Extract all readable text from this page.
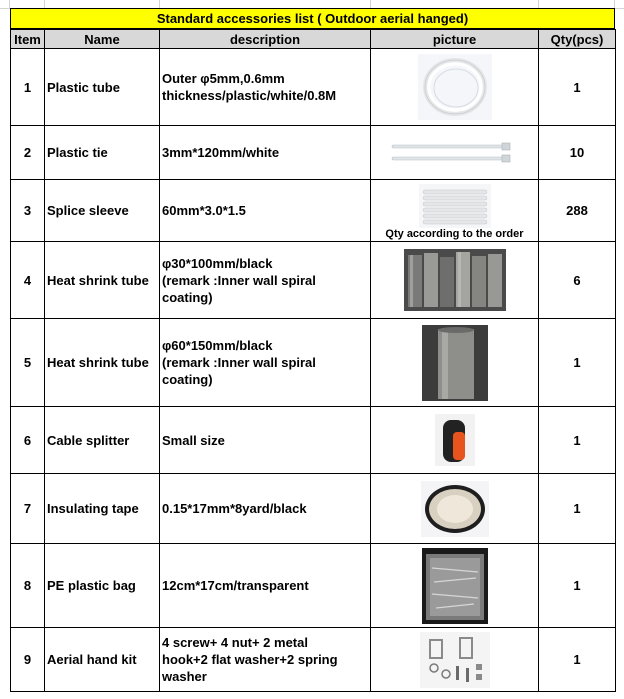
Standard accessories list ( Outdoor aerial hanged)
Item	Name	description	picture	Qty(pcs)
1	Plastic tube	Outer φ5mm,0.6mm
thickness/plastic/white/0.8M		1
2	Plastic tie	3mm*120mm/white		10
3	Splice sleeve	60mm*3.0*1.5	Qty according to the order	288
4	Heat shrink tube	φ30*100mm/black
(remark :Inner wall spiral
coating)		6
5	Heat shrink tube	φ60*150mm/black
(remark :Inner wall spiral
coating)		1
6	Cable splitter	Small size		1
7	Insulating tape	0.15*17mm*8yard/black		1
8	PE plastic bag	12cm*17cm/transparent		1
9	Aerial hand kit	4 screw+ 4 nut+ 2 metal
hook+2 flat washer+2 spring
washer		1
